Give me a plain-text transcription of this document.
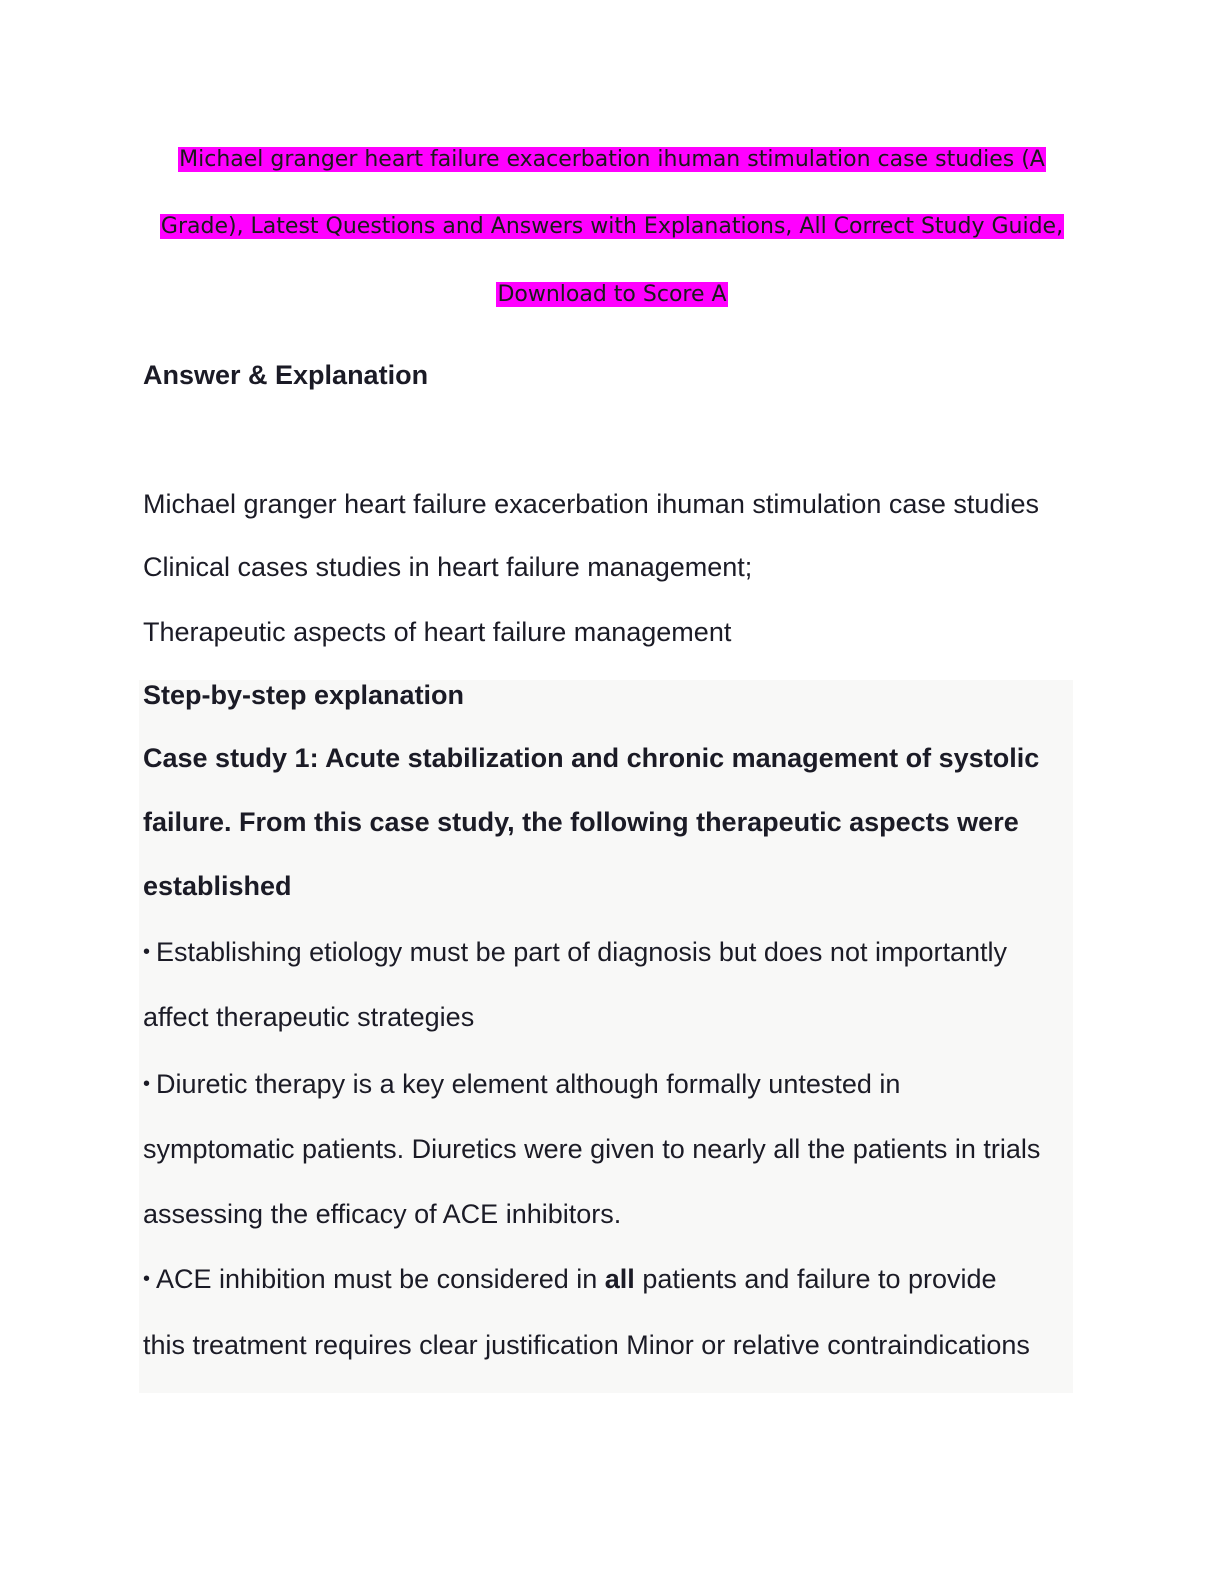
Michael granger heart failure exacerbation ihuman stimulation case studies (A
Grade), Latest Questions and Answers with Explanations, All Correct Study Guide,
Download to Score A
Answer & Explanation
Michael granger heart failure exacerbation ihuman stimulation case studies
Clinical cases studies in heart failure management;
Therapeutic aspects of heart failure management
Step-by-step explanation
Case study 1: Acute stabilization and chronic management of systolic
failure. From this case study, the following therapeutic aspects were
established
• Establishing etiology must be part of diagnosis but does not importantly
affect therapeutic strategies
• Diuretic therapy is a key element although formally untested in
symptomatic patients. Diuretics were given to nearly all the patients in trials
assessing the efficacy of ACE inhibitors.
• ACE inhibition must be considered in all patients and failure to provide
this treatment requires clear justification Minor or relative contraindications
